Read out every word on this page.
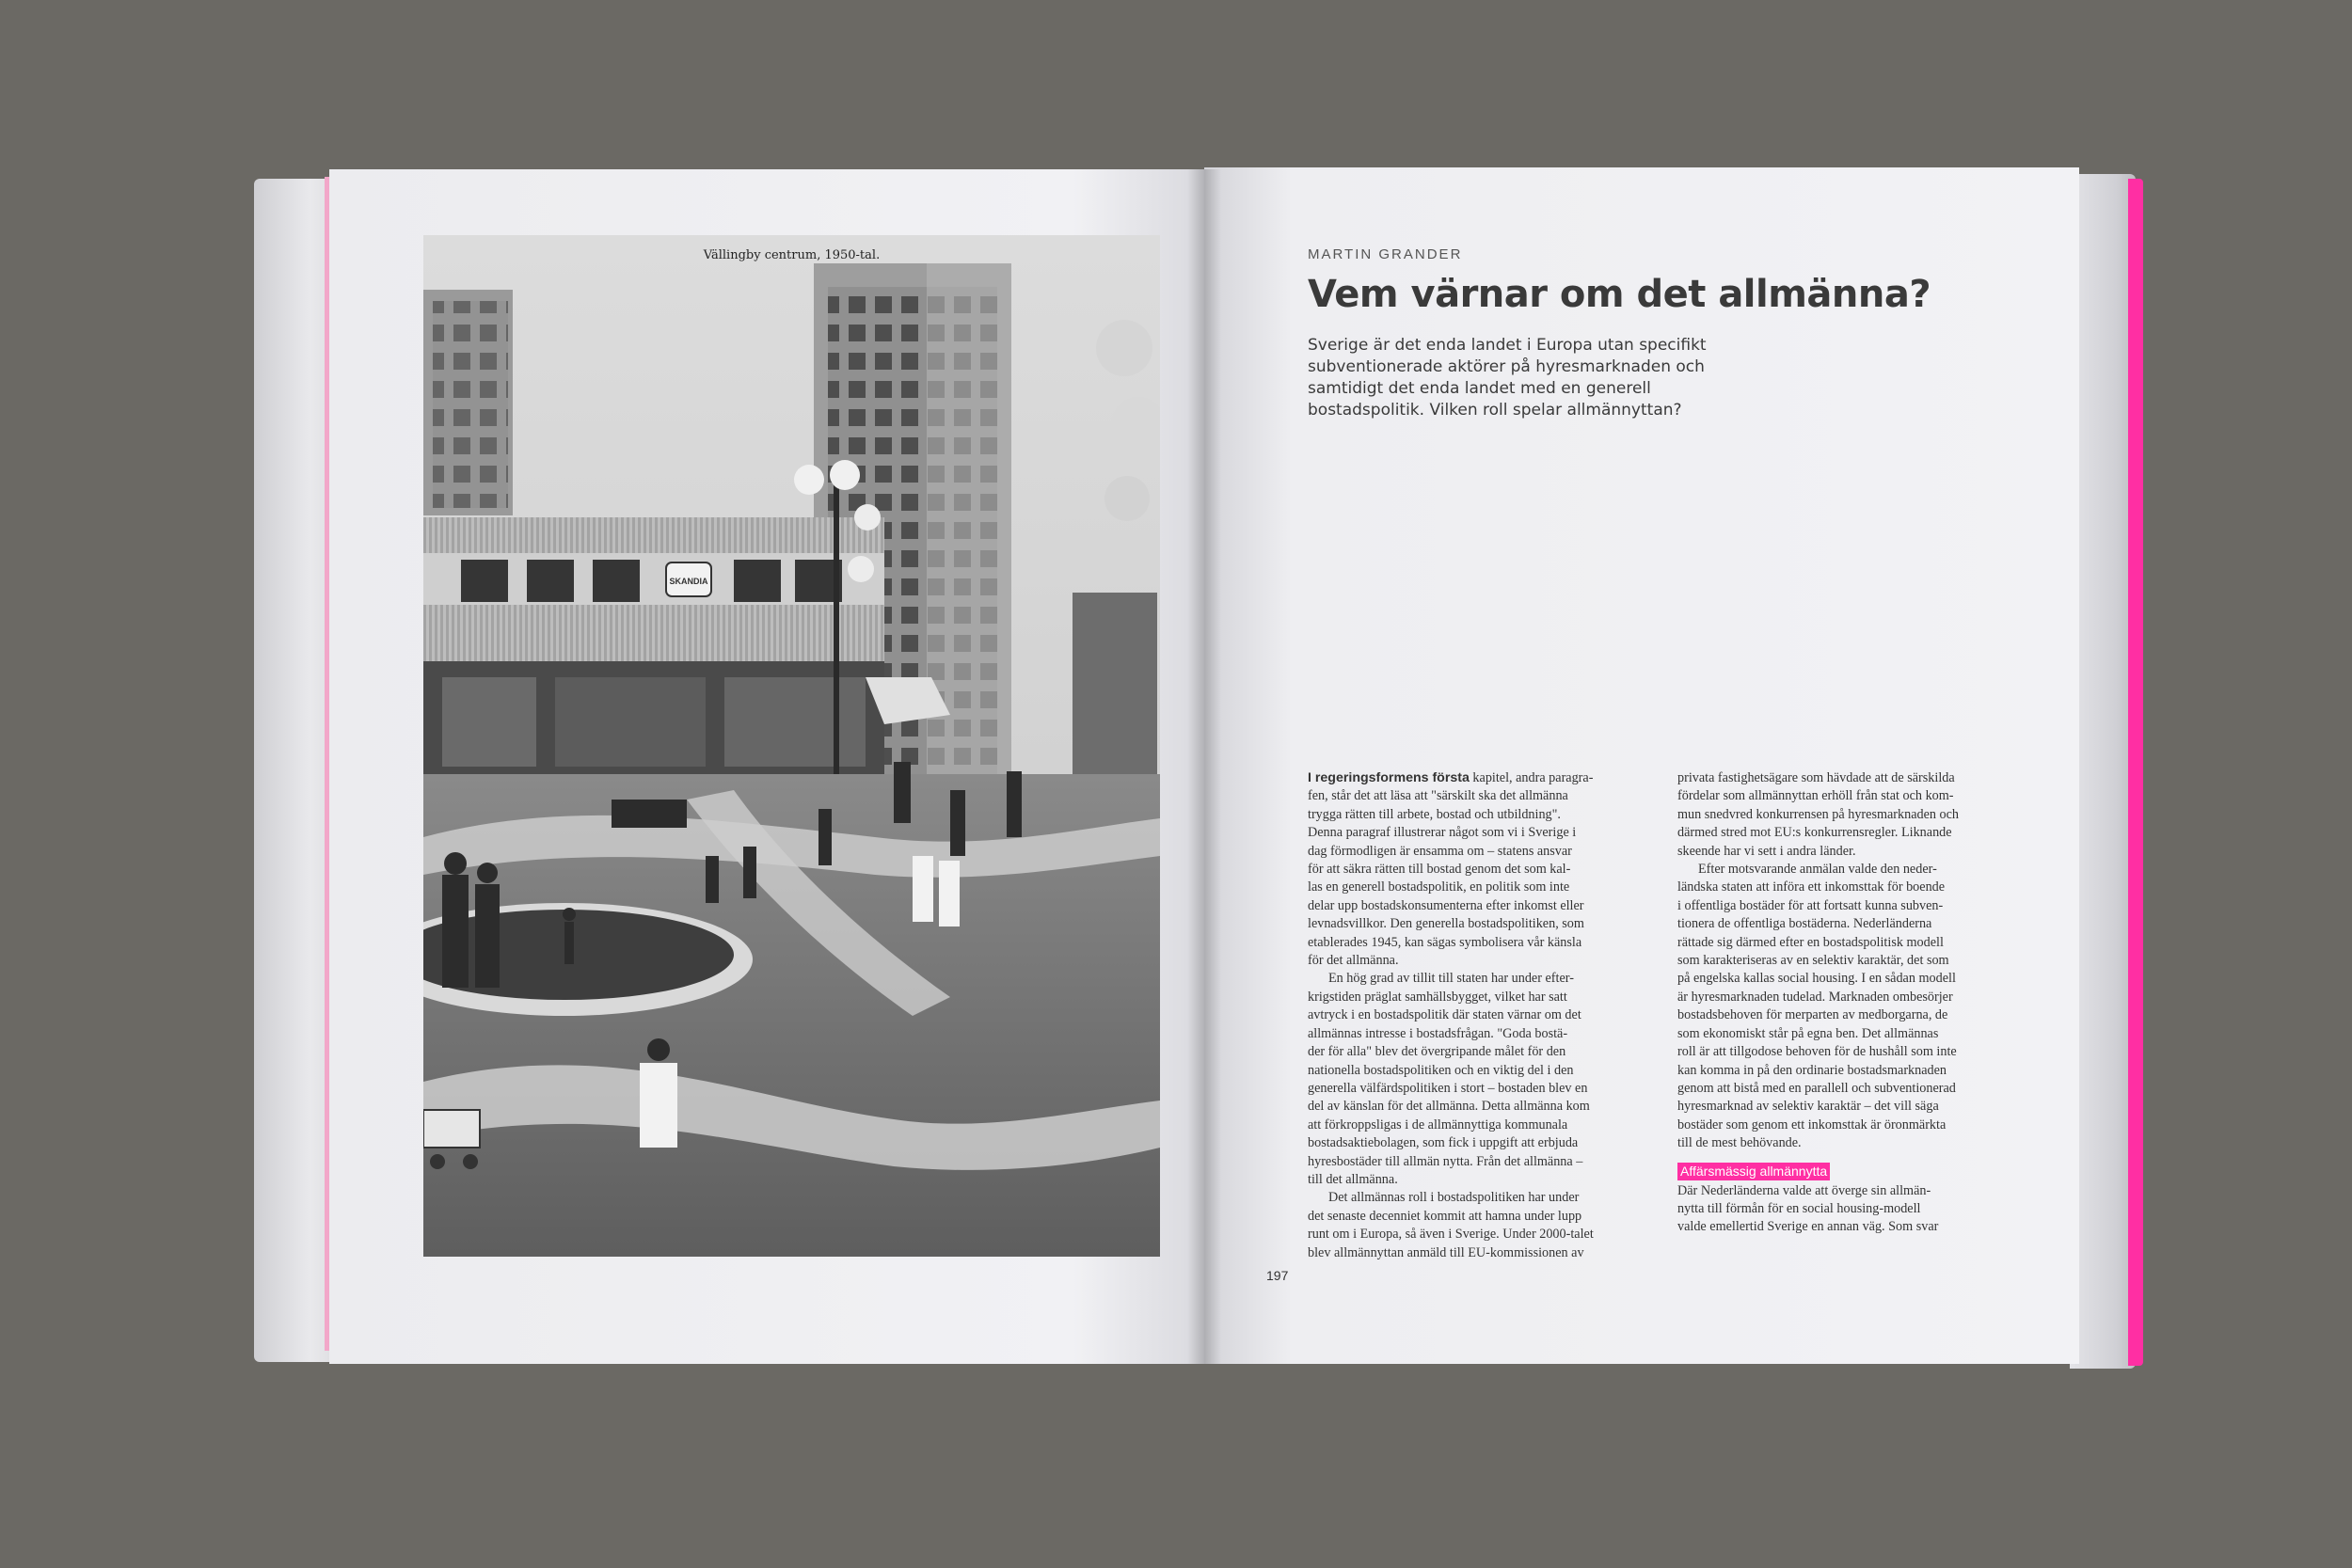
SKANDIA
Vällingby centrum, 1950-tal.
197
MARTIN GRANDER
Vem värnar om det allmänna?
Sverige är det enda landet i Europa utan specifikt
subventionerade aktörer på hyresmarknaden och
samtidigt det enda landet med en generell
bostadspolitik. Vilken roll spelar allmännyttan?
I regeringsformens första kapitel, andra paragra-
fen, står det att läsa att "särskilt ska det allmänna
trygga rätten till arbete, bostad och utbildning".
Denna paragraf illustrerar något som vi i Sverige i
dag förmodligen är ensamma om – statens ansvar
för att säkra rätten till bostad genom det som kal-
las en generell bostadspolitik, en politik som inte
delar upp bostadskonsumenterna efter inkomst eller
levnadsvillkor. Den generella bostadspolitiken, som
etablerades 1945, kan sägas symbolisera vår känsla
för det allmänna.
En hög grad av tillit till staten har under efter-
krigstiden präglat samhällsbygget, vilket har satt
avtryck i en bostadspolitik där staten värnar om det
allmännas intresse i bostadsfrågan. "Goda bostä-
der för alla" blev det övergripande målet för den
nationella bostadspolitiken och en viktig del i den
generella välfärdspolitiken i stort – bostaden blev en
del av känslan för det allmänna. Detta allmänna kom
att förkroppsligas i de allmännyttiga kommunala
bostadsaktiebolagen, som fick i uppgift att erbjuda
hyresbostäder till allmän nytta. Från det allmänna –
till det allmänna.
Det allmännas roll i bostadspolitiken har under
det senaste decenniet kommit att hamna under lupp
runt om i Europa, så även i Sverige. Under 2000-talet
blev allmännyttan anmäld till EU-kommissionen av
privata fastighetsägare som hävdade att de särskilda
fördelar som allmännyttan erhöll från stat och kom-
mun snedvred konkurrensen på hyresmarknaden och
därmed stred mot EU:s konkurrensregler. Liknande
skeende har vi sett i andra länder.
Efter motsvarande anmälan valde den neder-
ländska staten att införa ett inkomsttak för boende
i offentliga bostäder för att fortsatt kunna subven-
tionera de offentliga bostäderna. Nederländerna
rättade sig därmed efter en bostadspolitisk modell
som karakteriseras av en selektiv karaktär, det som
på engelska kallas social housing. I en sådan modell
är hyresmarknaden tudelad. Marknaden ombesörjer
bostadsbehoven för merparten av medborgarna, de
som ekonomiskt står på egna ben. Det allmännas
roll är att tillgodose behoven för de hushåll som inte
kan komma in på den ordinarie bostadsmarknaden
genom att bistå med en parallell och subventionerad
hyresmarknad av selektiv karaktär – det vill säga
bostäder som genom ett inkomsttak är öronmärkta
till de mest behövande.
Affärsmässig allmännytta
Där Nederländerna valde att överge sin allmän-
nytta till förmån för en social housing-modell
valde emellertid Sverige en annan väg. Som svar
